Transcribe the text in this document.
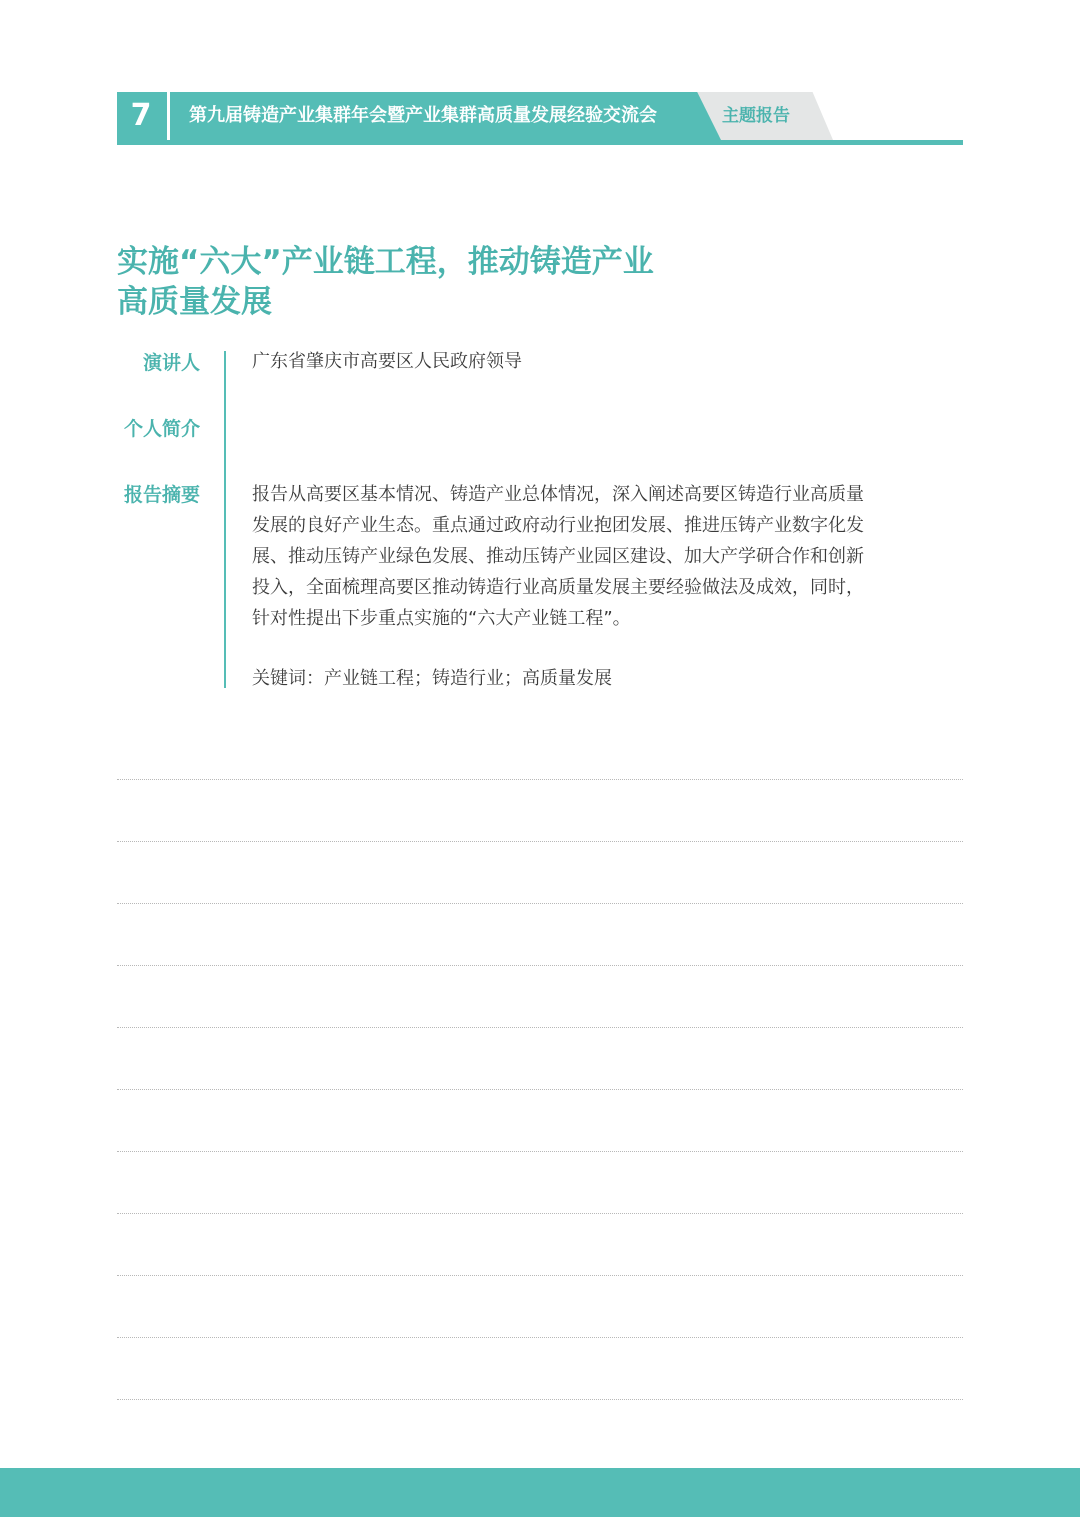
7	第九届铸造产业集群年会暨产业集群高质量发展经验交流会	主题报告
实施“六大”产业链工程，推动铸造产业
高质量发展
演讲人	广东省肇庆市高要区人民政府领导
个人简介
报告摘要	报告从高要区基本情况、铸造产业总体情况，深入阐述高要区铸造行业高质量
发展的良好产业生态。重点通过政府动行业抱团发展、推进压铸产业数字化发
展、推动压铸产业绿色发展、推动压铸产业园区建设、加大产学研合作和创新
投入，全面梳理高要区推动铸造行业高质量发展主要经验做法及成效，同时，
针对性提出下步重点实施的“六大产业链工程”。
关键词：产业链工程；铸造行业；高质量发展
